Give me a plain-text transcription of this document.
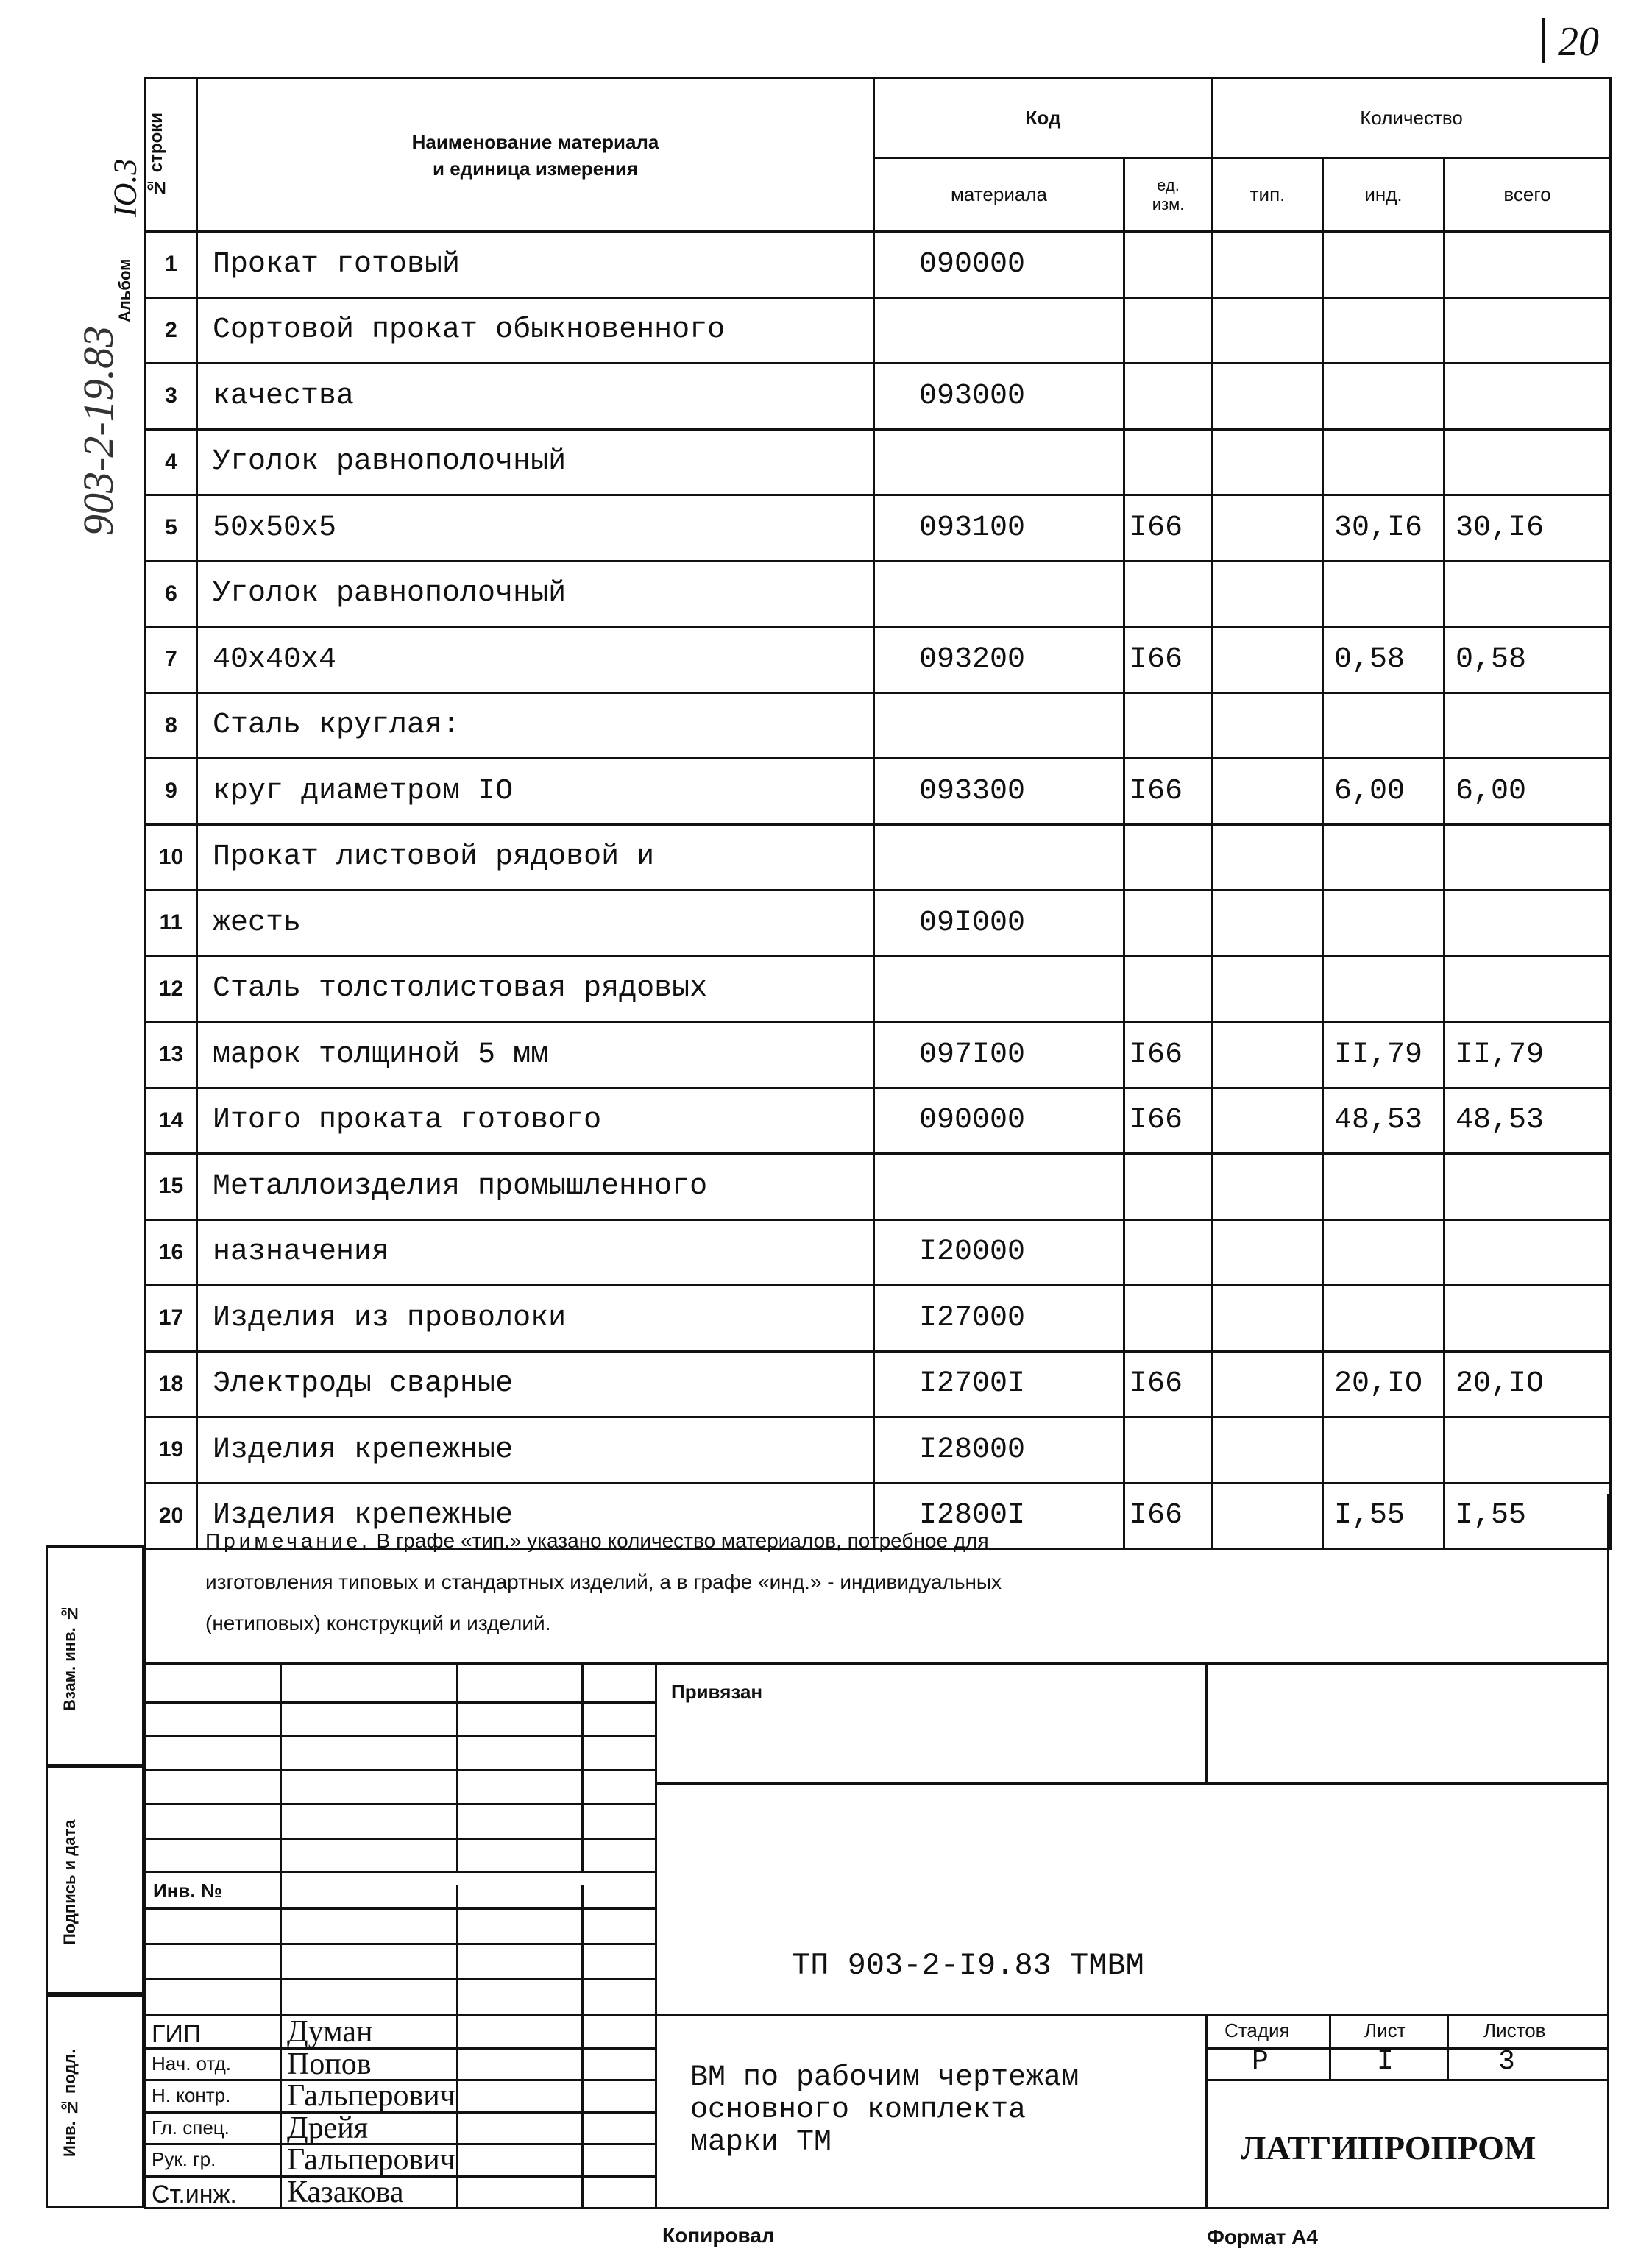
20
903-2-19.83
Альбом
IO.3
Взам. инв. №
Подпись и дата
Инв. № подл.
№ строки	Наименование материала
и единица измерения	Код		Количество		
		материала	ед.
изм.	тип.	инд.	всего
1	Прокат готовый	090000				
2	Сортовой прокат обыкновенного					
3	качества	093000				
4	Уголок равнополочный					
5	50x50x5	093100	I66		30,I6	30,I6
6	Уголок равнополочный					
7	40x40x4	093200	I66		0,58	0,58
8	Сталь круглая:					
9	круг диаметром IO	093300	I66		6,00	6,00
10	Прокат листовой рядовой и					
11	жесть	09I000				
12	Сталь толстолистовая рядовых					
13	марок толщиной 5 мм	097I00	I66		II,79	II,79
14	Итого проката готового	090000	I66		48,53	48,53
15	Металлоизделия промышленного					
16	назначения	I20000				
17	Изделия из проволоки	I27000				
18	Электроды сварные	I2700I	I66		20,IO	20,IO
19	Изделия крепежные	I28000				
20	Изделия крепежные	I2800I	I66		I,55	I,55
Примечание. В графе «тип.» указано количество материалов, потребное для
изготовления типовых и стандартных изделий, а в графе «инд.» - индивидуальных
(нетиповых) конструкций и изделий.
Привязан
Инв. №
ТП 903-2-I9.83 ТМВМ
ГИП	Думан
Нач. отд. Попов
Н. контр. Гальперович
Гл. спец. Дрейя
Рук. гр. Гальперович
Ст.инж. Казакова
ВМ по рабочим чертежам
основного комплекта
марки ТМ
Стадия	Лист	Листов
Р	I	3
ЛАТГИПРОПРОМ
Копировал	Формат А4
